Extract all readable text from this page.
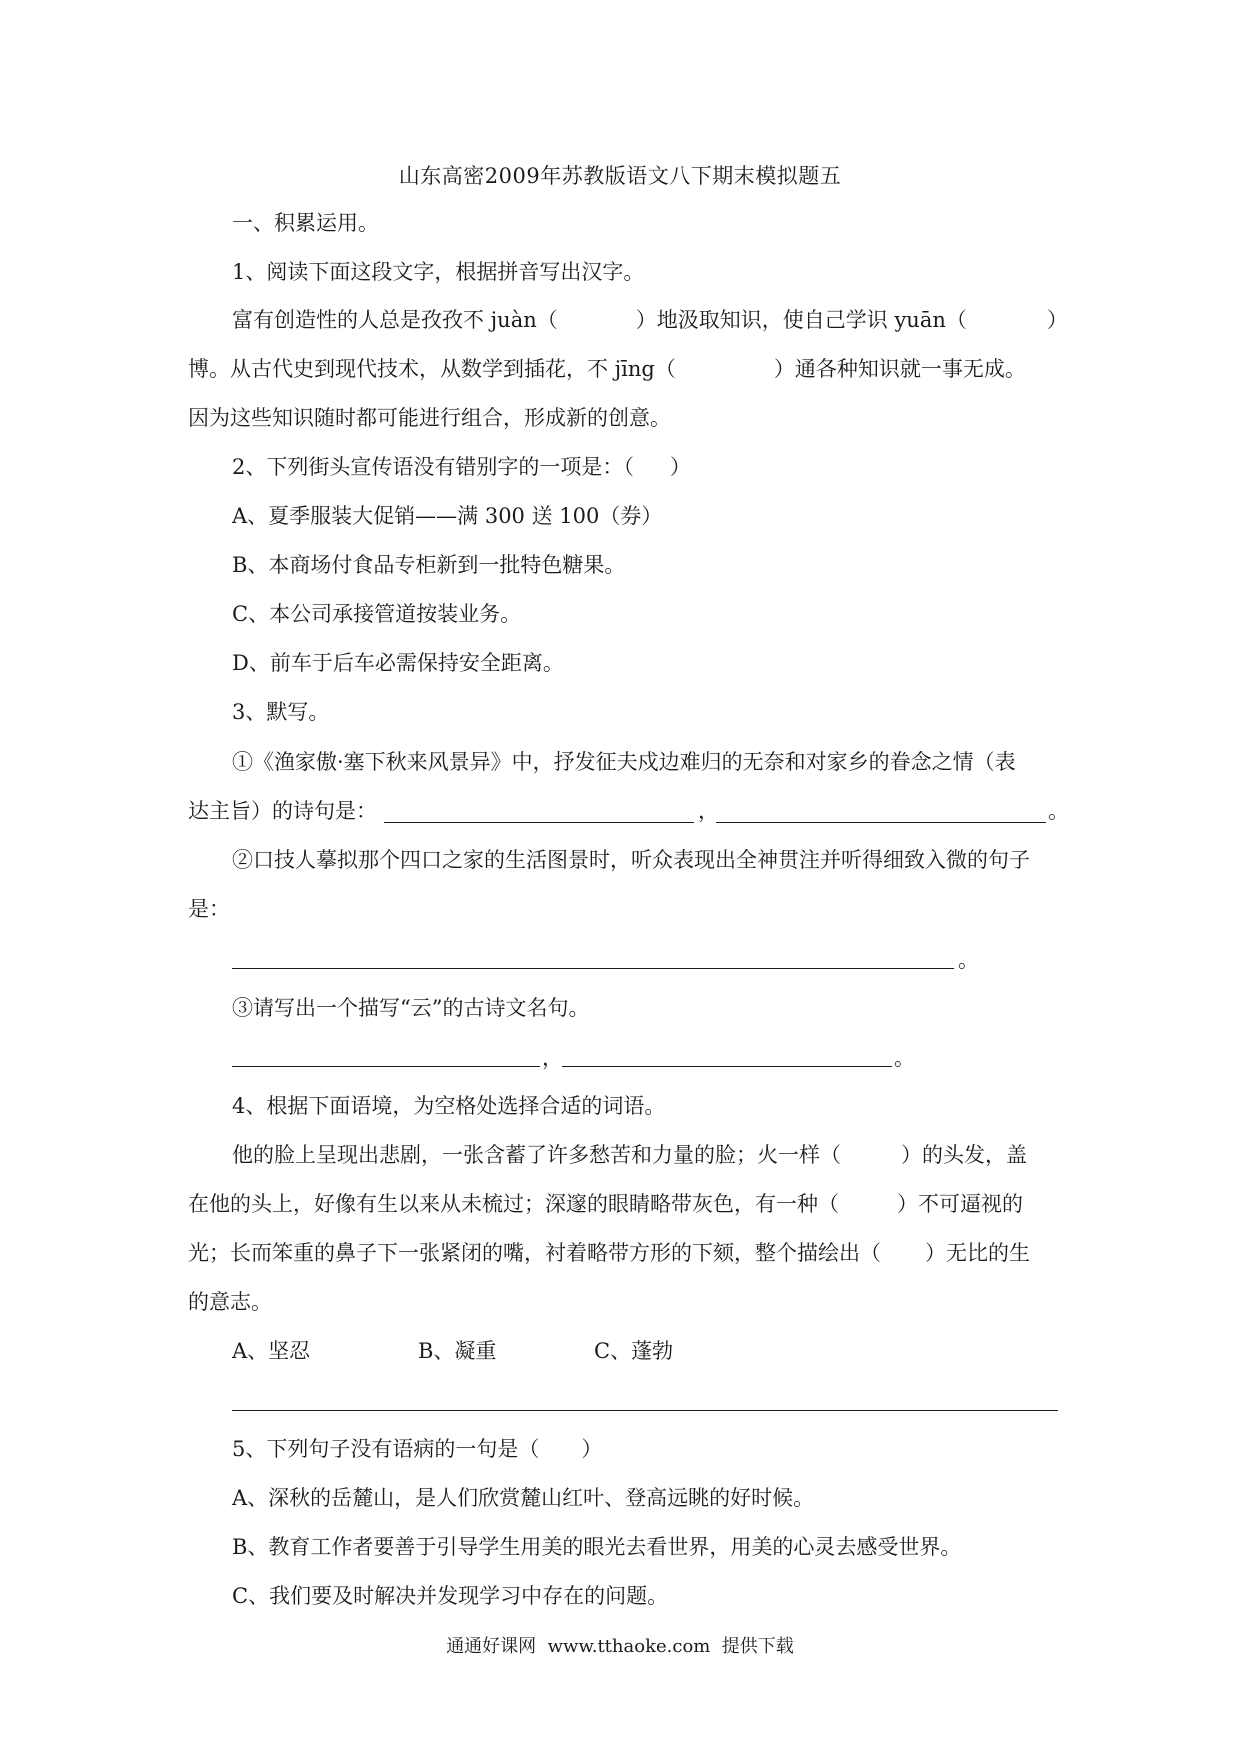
山东高密2009年苏教版语文八下期末模拟题五
一、积累运用。
1、阅读下面这段文字，根据拼音写出汉字。
富有创造性的人总是孜孜不 juàn（	）地汲取知识，使自己学识 yuān（	）
博。从古代史到现代技术，从数学到插花，不 jīng（	）通各种知识就一事无成。
因为这些知识随时都可能进行组合，形成新的创意。
2、下列街头宣传语没有错别字的一项是：（ ）
A、夏季服装大促销——满 300 送 100（券）
B、本商场付食品专柜新到一批特色糖果。
C、本公司承接管道按装业务。
D、前车于后车必需保持安全距离。
3、默写。
①《渔家傲·塞下秋来风景异》中，抒发征夫戍边难归的无奈和对家乡的眷念之情（表
达主旨）的诗句是：	，	。
②口技人摹拟那个四口之家的生活图景时，听众表现出全神贯注并听得细致入微的句子
是：
。
③请写出一个描写“云”的古诗文名句。
，	。
4、根据下面语境，为空格处选择合适的词语。
他的脸上呈现出悲剧，一张含蓄了许多愁苦和力量的脸；火一样（	）的头发，盖
在他的头上，好像有生以来从未梳过；深邃的眼睛略带灰色，有一种（	）不可逼视的
光；长而笨重的鼻子下一张紧闭的嘴，衬着略带方形的下颏，整个描绘出（ ）无比的生
的意志。
A、坚忍	B、凝重	C、蓬勃
5、下列句子没有语病的一句是（ ）
A、深秋的岳麓山，是人们欣赏麓山红叶、登高远眺的好时候。
B、教育工作者要善于引导学生用美的眼光去看世界，用美的心灵去感受世界。
C、我们要及时解决并发现学习中存在的问题。
通通好课网 www.tthaoke.com 提供下载
